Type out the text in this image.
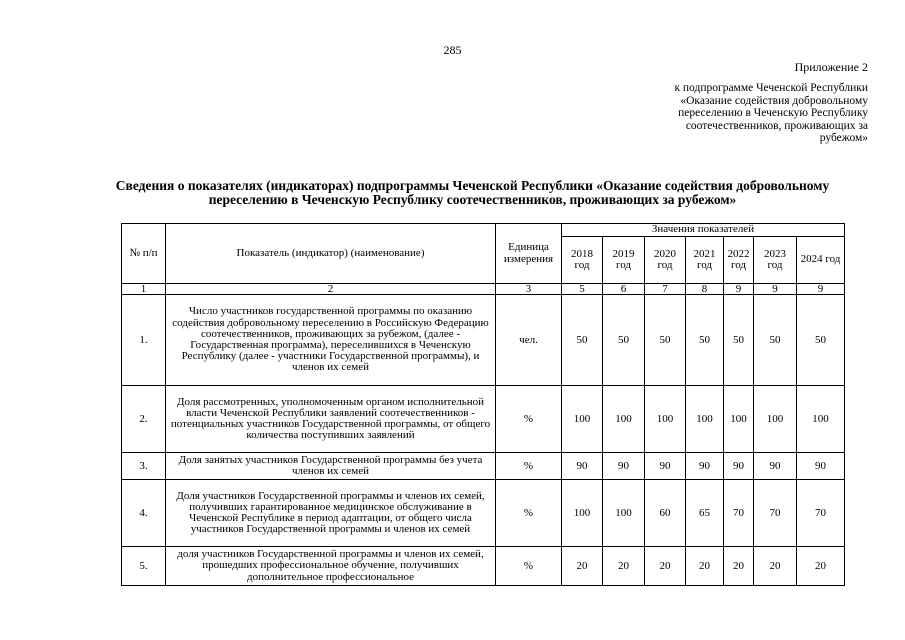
285
Приложение 2
к подпрограмме Чеченской Республики
«Оказание содействия добровольному
переселению в Чеченскую Республику
соотечественников, проживающих за
рубежом»
Сведения о показателях (индикаторах) подпрограммы Чеченской Республики «Оказание содействия добровольному переселению в Чеченскую Республику соотечественников, проживающих за рубежом»
№ п/п	Показатель (индикатор) (наименование)	Единица измерения	Значения показателей						
			2018 год	2019 год	2020 год	2021 год	2022 год	2023 год	2024 год
1	2	3	5	6	7	8	9	9	9
1.	Число участников государственной программы по оказанию содействия добровольному переселению в Российскую Федерацию соотечественников, проживающих за рубежом, (далее - Государственная программа), переселившихся в Чеченскую Республику (далее - участники Государственной программы), и членов их семей	чел.	50	50	50	50	50	50	50
2.	Доля рассмотренных, уполномоченным органом исполнительной власти Чеченской Республики заявлений соотечественников - потенциальных участников Государственной программы, от общего количества поступивших заявлений	%	100	100	100	100	100	100	100
3.	Доля занятых участников Государственной программы без учета членов их семей	%	90	90	90	90	90	90	90
4.	Доля участников Государственной программы и членов их семей, получивших гарантированное медицинское обслуживание в Чеченской Республике в период адаптации, от общего числа участников Государственной программы и членов их семей	%	100	100	60	65	70	70	70
5.	доля участников Государственной программы и членов их семей, прошедших профессиональное обучение, получивших дополнительное профессиональное	%	20	20	20	20	20	20	20
